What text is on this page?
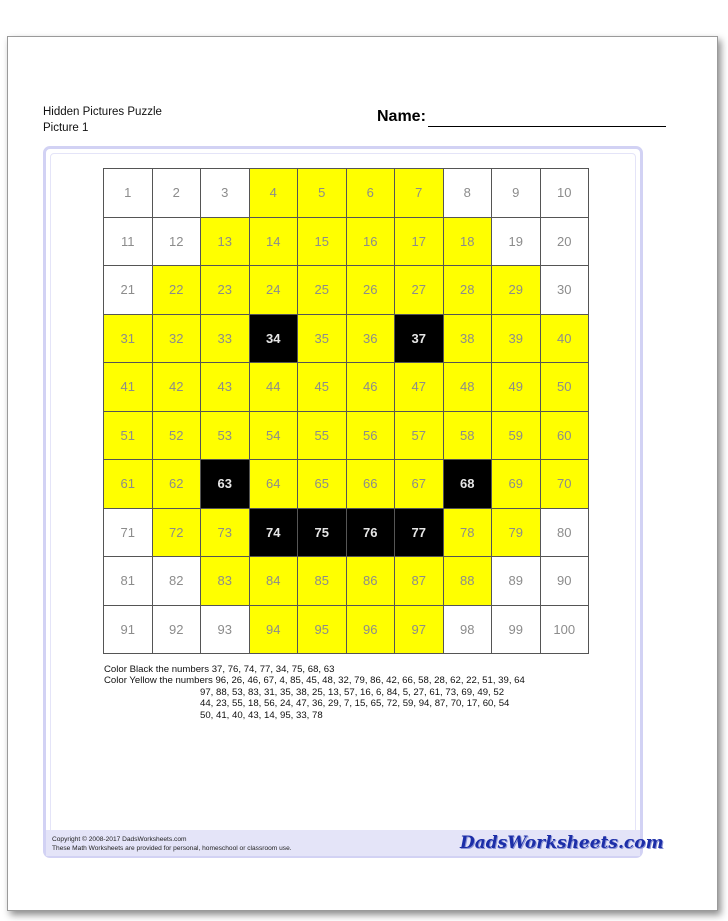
Hidden Pictures Puzzle
Picture 1
Name:
1	2	3	4	5	6	7	8	9	10
11	12	13	14	15	16	17	18	19	20
21	22	23	24	25	26	27	28	29	30
31	32	33	34	35	36	37	38	39	40
41	42	43	44	45	46	47	48	49	50
51	52	53	54	55	56	57	58	59	60
61	62	63	64	65	66	67	68	69	70
71	72	73	74	75	76	77	78	79	80
81	82	83	84	85	86	87	88	89	90
91	92	93	94	95	96	97	98	99	100
Color Black the numbers
37, 76, 74, 77, 34, 75, 68, 63
Color Yellow the numbers
96, 26, 46, 67, 4, 85, 45, 48, 32, 79, 86, 42, 66, 58, 28, 62, 22, 51, 39, 64
97, 88, 53, 83, 31, 35, 38, 25, 13, 57, 16, 6, 84, 5, 27, 61, 73, 69, 49, 52
44, 23, 55, 18, 56, 24, 47, 36, 29, 7, 15, 65, 72, 59, 94, 87, 70, 17, 60, 54
50, 41, 40, 43, 14, 95, 33, 78
Copyright © 2008-2017 DadsWorksheets.com
These Math Worksheets are provided for personal, homeschool or classroom use.	DadsWorksheets.com
